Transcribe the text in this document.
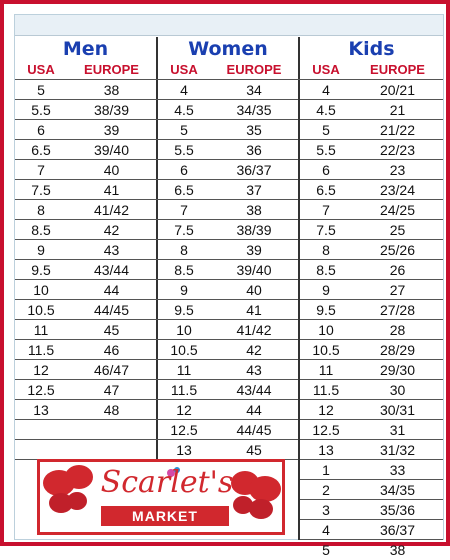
Men
USA	EUROPE
5	38
5.5	38/39
6	39
6.5	39/40
7	40
7.5	41
8	41/42
8.5	42
9	43
9.5	43/44
10	44
10.5	44/45
11	45
11.5	46
12	46/47
12.5	47
13	48
Women
USA	EUROPE
4	34
4.5	34/35
5	35
5.5	36
6	36/37
6.5	37
7	38
7.5	38/39
8	39
8.5	39/40
9	40
9.5	41
10	41/42
10.5	42
11	43
11.5	43/44
12	44
12.5	44/45
13	45
Kids
USA	EUROPE
4	20/21
4.5	21
5	21/22
5.5	22/23
6	23
6.5	23/24
7	24/25
7.5	25
8	25/26
8.5	26
9	27
9.5	27/28
10	28
10.5	28/29
11	29/30
11.5	30
12	30/31
12.5	31
13	31/32
1	33
2	34/35
3	35/36
4	36/37
5	38
Scarlet's
MARKET
